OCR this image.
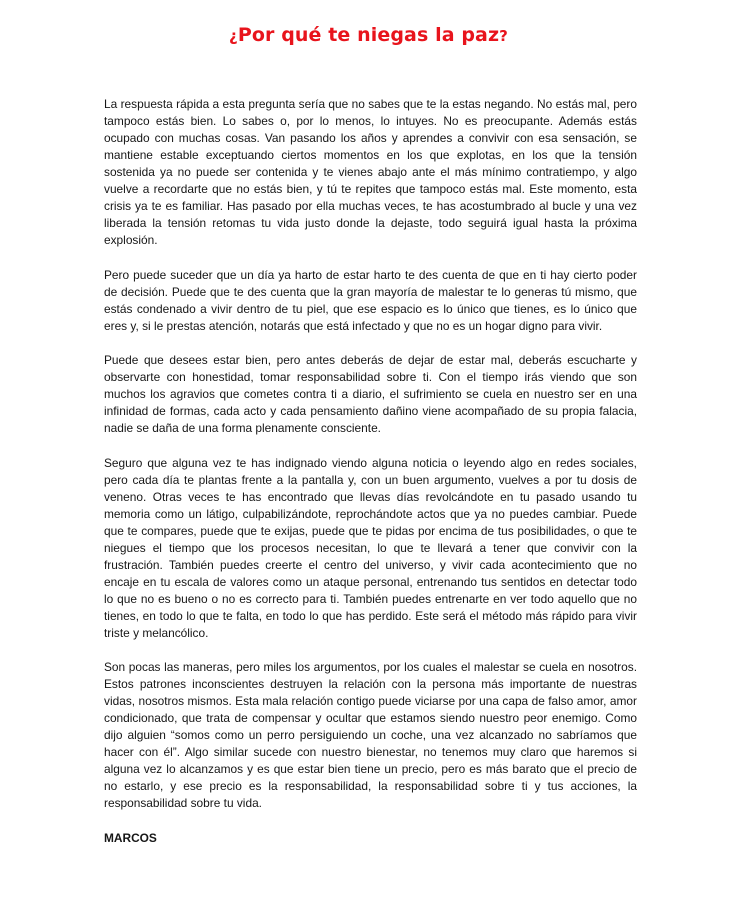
¿Por qué te niegas la paz?

La respuesta rápida a esta pregunta sería que no sabes que te la estas negando. No estás mal, pero tampoco estás bien. Lo sabes o, por lo menos, lo intuyes. No es preocupante. Además estás ocupado con muchas cosas. Van pasando los años y aprendes a convivir con esa sensación, se mantiene estable exceptuando ciertos momentos en los que explotas, en los que la tensión sostenida ya no puede ser contenida y te vienes abajo ante el más mínimo contratiempo, y algo vuelve a recordarte que no estás bien, y tú te repites que tampoco estás mal. Este momento, esta crisis ya te es familiar. Has pasado por ella muchas veces, te has acostumbrado al bucle y una vez liberada la tensión retomas tu vida justo donde la dejaste, todo seguirá igual hasta la próxima explosión.

Pero puede suceder que un día ya harto de estar harto te des cuenta de que en ti hay cierto poder de decisión. Puede que te des cuenta que la gran mayoría de malestar te lo generas tú mismo, que estás condenado a vivir dentro de tu piel, que ese espacio es lo único que tienes, es lo único que eres y, si le prestas atención, notarás que está infectado y que no es un hogar digno para vivir.

Puede que desees estar bien, pero antes deberás de dejar de estar mal, deberás escucharte y observarte con honestidad, tomar responsabilidad sobre ti. Con el tiempo irás viendo que son muchos los agravios que cometes contra ti a diario, el sufrimiento se cuela en nuestro ser en una infinidad de formas, cada acto y cada pensamiento dañino viene acompañado de su propia falacia, nadie se daña de una forma plenamente consciente.

Seguro que alguna vez te has indignado viendo alguna noticia o leyendo algo en redes sociales, pero cada día te plantas frente a la pantalla y, con un buen argumento, vuelves a por tu dosis de veneno. Otras veces te has encontrado que llevas días revolcándote en tu pasado usando tu memoria como un látigo, culpabilizándote, reprochándote actos que ya no puedes cambiar. Puede que te compares, puede que te exijas, puede que te pidas por encima de tus posibilidades, o que te niegues el tiempo que los procesos necesitan, lo que te llevará a tener que convivir con la frustración. También puedes creerte el centro del universo, y vivir cada acontecimiento que no encaje en tu escala de valores como un ataque personal, entrenando tus sentidos en detectar todo lo que no es bueno o no es correcto para ti. También puedes entrenarte en ver todo aquello que no tienes, en todo lo que te falta, en todo lo que has perdido. Este será el método más rápido para vivir triste y melancólico.

Son pocas las maneras, pero miles los argumentos, por los cuales el malestar se cuela en nosotros. Estos patrones inconscientes destruyen la relación con la persona más importante de nuestras vidas, nosotros mismos. Esta mala relación contigo puede viciarse por una capa de falso amor, amor condicionado, que trata de compensar y ocultar que estamos siendo nuestro peor enemigo. Como dijo alguien “somos como un perro persiguiendo un coche, una vez alcanzado no sabríamos que hacer con él”. Algo similar sucede con nuestro bienestar, no tenemos muy claro que haremos si alguna vez lo alcanzamos y es que estar bien tiene un precio, pero es más barato que el precio de no estarlo, y ese precio es la responsabilidad, la responsabilidad sobre ti y tus acciones, la responsabilidad sobre tu vida.

MARCOS
